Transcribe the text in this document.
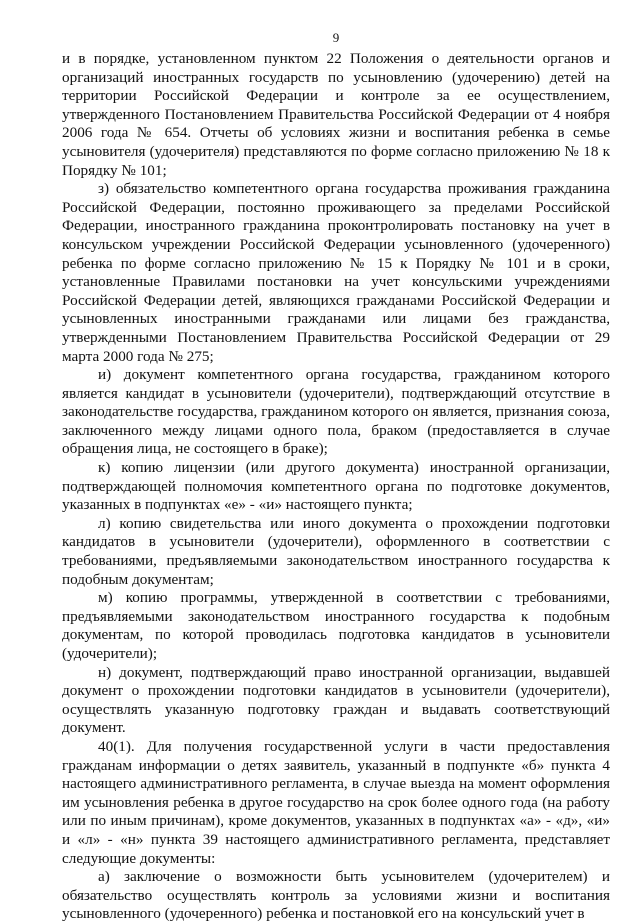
9

и в порядке, установленном пунктом 22 Положения о деятельности органов и организаций иностранных государств по усыновлению (удочерению) детей на территории Российской Федерации и контроле за ее осуществлением, утвержденного Постановлением Правительства Российской Федерации от 4 ноября 2006 года № 654. Отчеты об условиях жизни и воспитания ребенка в семье усыновителя (удочерителя) представляются по форме согласно приложению № 18 к Порядку № 101;

з) обязательство компетентного органа государства проживания гражданина Российской Федерации, постоянно проживающего за пределами Российской Федерации, иностранного гражданина проконтролировать постановку на учет в консульском учреждении Российской Федерации усыновленного (удочеренного) ребенка по форме согласно приложению № 15 к Порядку № 101 и в сроки, установленные Правилами постановки на учет консульскими учреждениями Российской Федерации детей, являющихся гражданами Российской Федерации и усыновленных иностранными гражданами или лицами без гражданства, утвержденными Постановлением Правительства Российской Федерации от 29 марта 2000 года № 275;

и) документ компетентного органа государства, гражданином которого является кандидат в усыновители (удочерители), подтверждающий отсутствие в законодательстве государства, гражданином которого он является, признания союза, заключенного между лицами одного пола, браком (предоставляется в случае обращения лица, не состоящего в браке);

к) копию лицензии (или другого документа) иностранной организации, подтверждающей полномочия компетентного органа по подготовке документов, указанных в подпунктах «е» - «и» настоящего пункта;

л) копию свидетельства или иного документа о прохождении подготовки кандидатов в усыновители (удочерители), оформленного в соответствии с требованиями, предъявляемыми законодательством иностранного государства к подобным документам;

м) копию программы, утвержденной в соответствии с требованиями, предъявляемыми законодательством иностранного государства к подобным документам, по которой проводилась подготовка кандидатов в усыновители (удочерители);

н) документ, подтверждающий право иностранной организации, выдавшей документ о прохождении подготовки кандидатов в усыновители (удочерители), осуществлять указанную подготовку граждан и выдавать соответствующий документ.

40(1). Для получения государственной услуги в части предоставления гражданам информации о детях заявитель, указанный в подпункте «б» пункта 4 настоящего административного регламента, в случае выезда на момент оформления им усыновления ребенка в другое государство на срок более одного года (на работу или по иным причинам), кроме документов, указанных в подпунктах «а» - «д», «и» и «л» - «н» пункта 39 настоящего административного регламента, представляет следующие документы:

а) заключение о возможности быть усыновителем (удочерителем) и обязательство осуществлять контроль за условиями жизни и воспитания усыновленного (удочеренного) ребенка и постановкой его на консульский учет в
